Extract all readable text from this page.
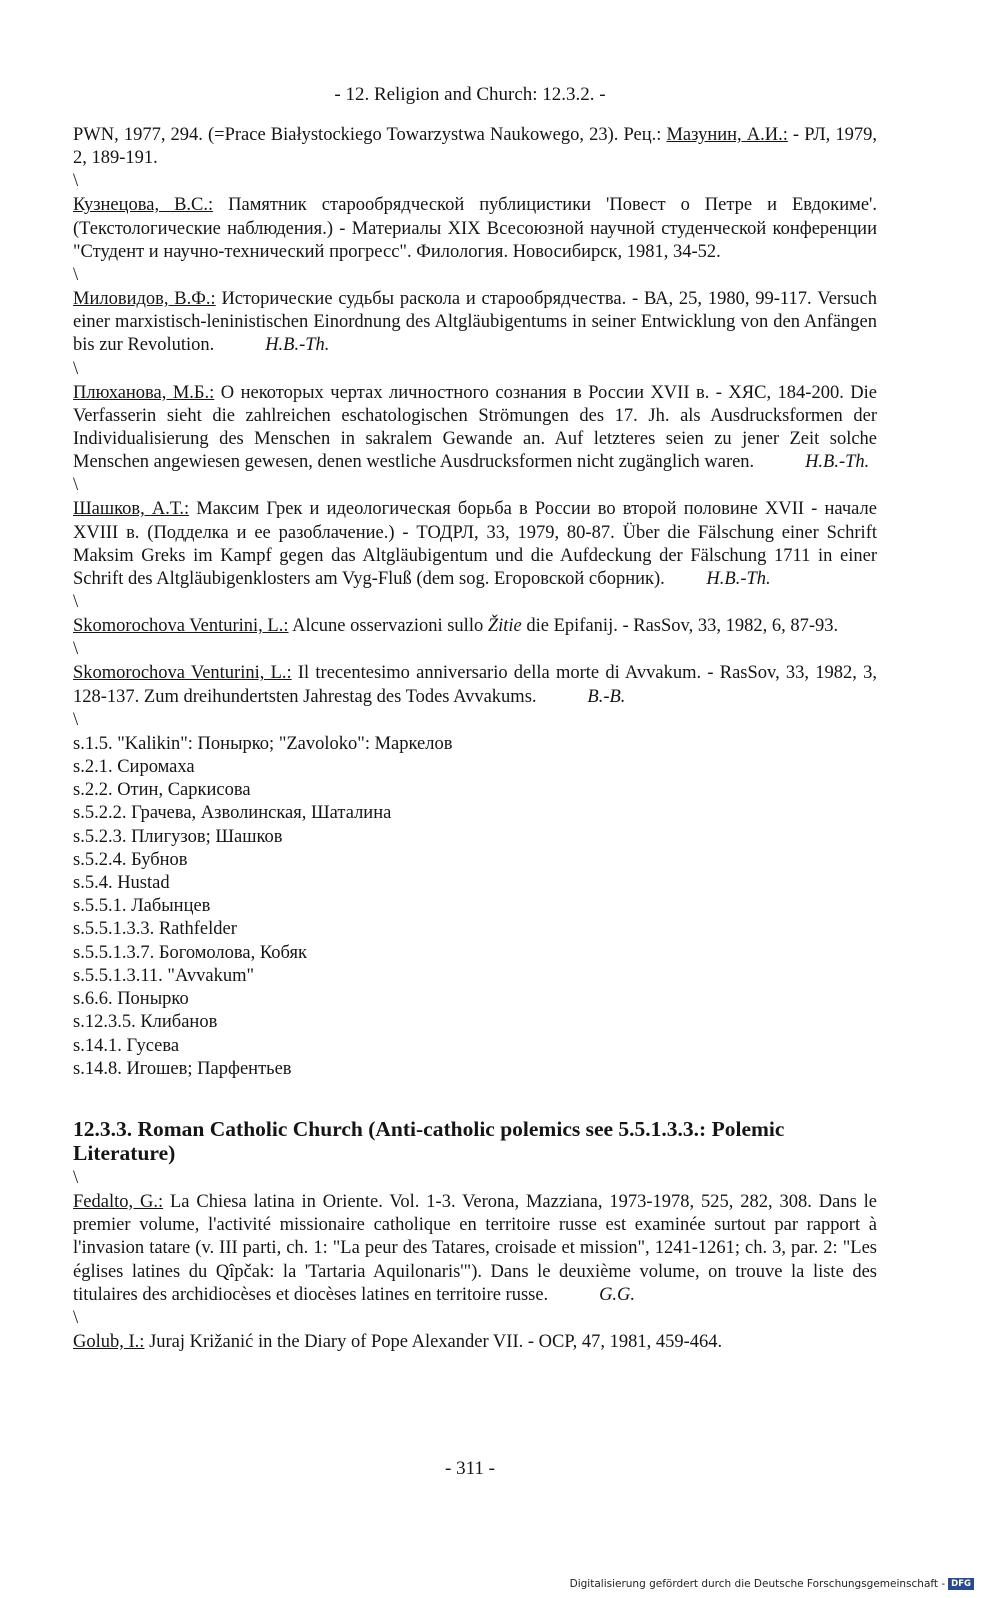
- 12. Religion and Church: 12.3.2. -

PWN, 1977, 294. (=Prace Białystockiego Towarzystwa Naukowego, 23). Рец.: Мазунин, А.И.: - РЛ, 1979, 2, 189-191.

\

Кузнецова, В.С.: Памятник старообрядческой публицистики 'Повест о Петре и Евдокиме'. (Текстологические наблюдения.) - Материалы XIX Всесоюзной научной студенческой конференции "Студент и научно-технический прогресс". Филология. Новосибирск, 1981, 34-52.

\

Миловидов, В.Ф.: Исторические судьбы раскола и старообрядчества. - ВА, 25, 1980, 99-117. Versuch einer marxistisch-leninistischen Einordnung des Altgläubigentums in seiner Entwicklung von den Anfängen bis zur Revolution.	H.B.-Th.

\

Плюханова, М.Б.: О некоторых чертах личностного сознания в России XVII в. - ХЯС, 184-200. Die Verfasserin sieht die zahlreichen eschatologischen Strömungen des 17. Jh. als Ausdrucksformen der Individualisierung des Menschen in sakralem Gewande an. Auf letzteres seien zu jener Zeit solche Menschen angewiesen gewesen, denen westliche Ausdrucksformen nicht zugänglich waren.	H.B.-Th.

\

Шашков, А.Т.: Максим Грек и идеологическая борьба в России во второй половине XVII - начале XVIII в. (Подделка и ее разоблачение.) - ТОДРЛ, 33, 1979, 80-87. Über die Fälschung einer Schrift Maksim Greks im Kampf gegen das Altgläubigentum und die Aufdeckung der Fälschung 1711 in einer Schrift des Altgläubigenklosters am Vyg-Fluß (dem sog. Егоровской сборник). H.B.-Th.

\

Skomorochova Venturini, L.: Alcune osservazioni sullo Žitie die Epifanij. - RasSov, 33, 1982, 6, 87-93.

\

Skomorochova Venturini, L.: Il trecentesimo anniversario della morte di Avvakum. - RasSov, 33, 1982, 3, 128-137. Zum dreihundertsten Jahrestag des Todes Avvakums.	B.-B.

\

s.1.5. "Kalikin": Понырко; "Zavoloko": Маркелов

s.2.1. Сиромаха

s.2.2. Отин, Саркисова

s.5.2.2. Грачева, Азволинская, Шаталина

s.5.2.3. Плигузов; Шашков

s.5.2.4. Бубнов

s.5.4. Hustad

s.5.5.1. Лабынцев

s.5.5.1.3.3. Rathfelder

s.5.5.1.3.7. Богомолова, Кобяк

s.5.5.1.3.11. "Avvakum"

s.6.6. Понырко

s.12.3.5. Клибанов

s.14.1. Гусева

s.14.8. Игошев; Парфентьев

12.3.3. Roman Catholic Church (Anti-catholic polemics see 5.5.1.3.3.: Polemic Literature)
\

Fedalto, G.: La Chiesa latina in Oriente. Vol. 1-3. Verona, Mazziana, 1973-1978, 525, 282, 308. Dans le premier volume, l'activité missionaire catholique en territoire russe est examinée surtout par rapport à l'invasion tatare (v. III parti, ch. 1: "La peur des Tatares, croisade et mission", 1241-1261; ch. 3, par. 2: "Les églises latines du Qîpčak: la 'Tartaria Aquilonaris'"). Dans le deuxième volume, on trouve la liste des titulaires des archidiocèses et diocèses latines en territoire russe.	G.G.

\

Golub, I.: Juraj Križanić in the Diary of Pope Alexander VII. - OCP, 47, 1981, 459-464.

- 311 -
Digitalisierung gefördert durch die Deutsche Forschungsgemeinschaft - DFG
